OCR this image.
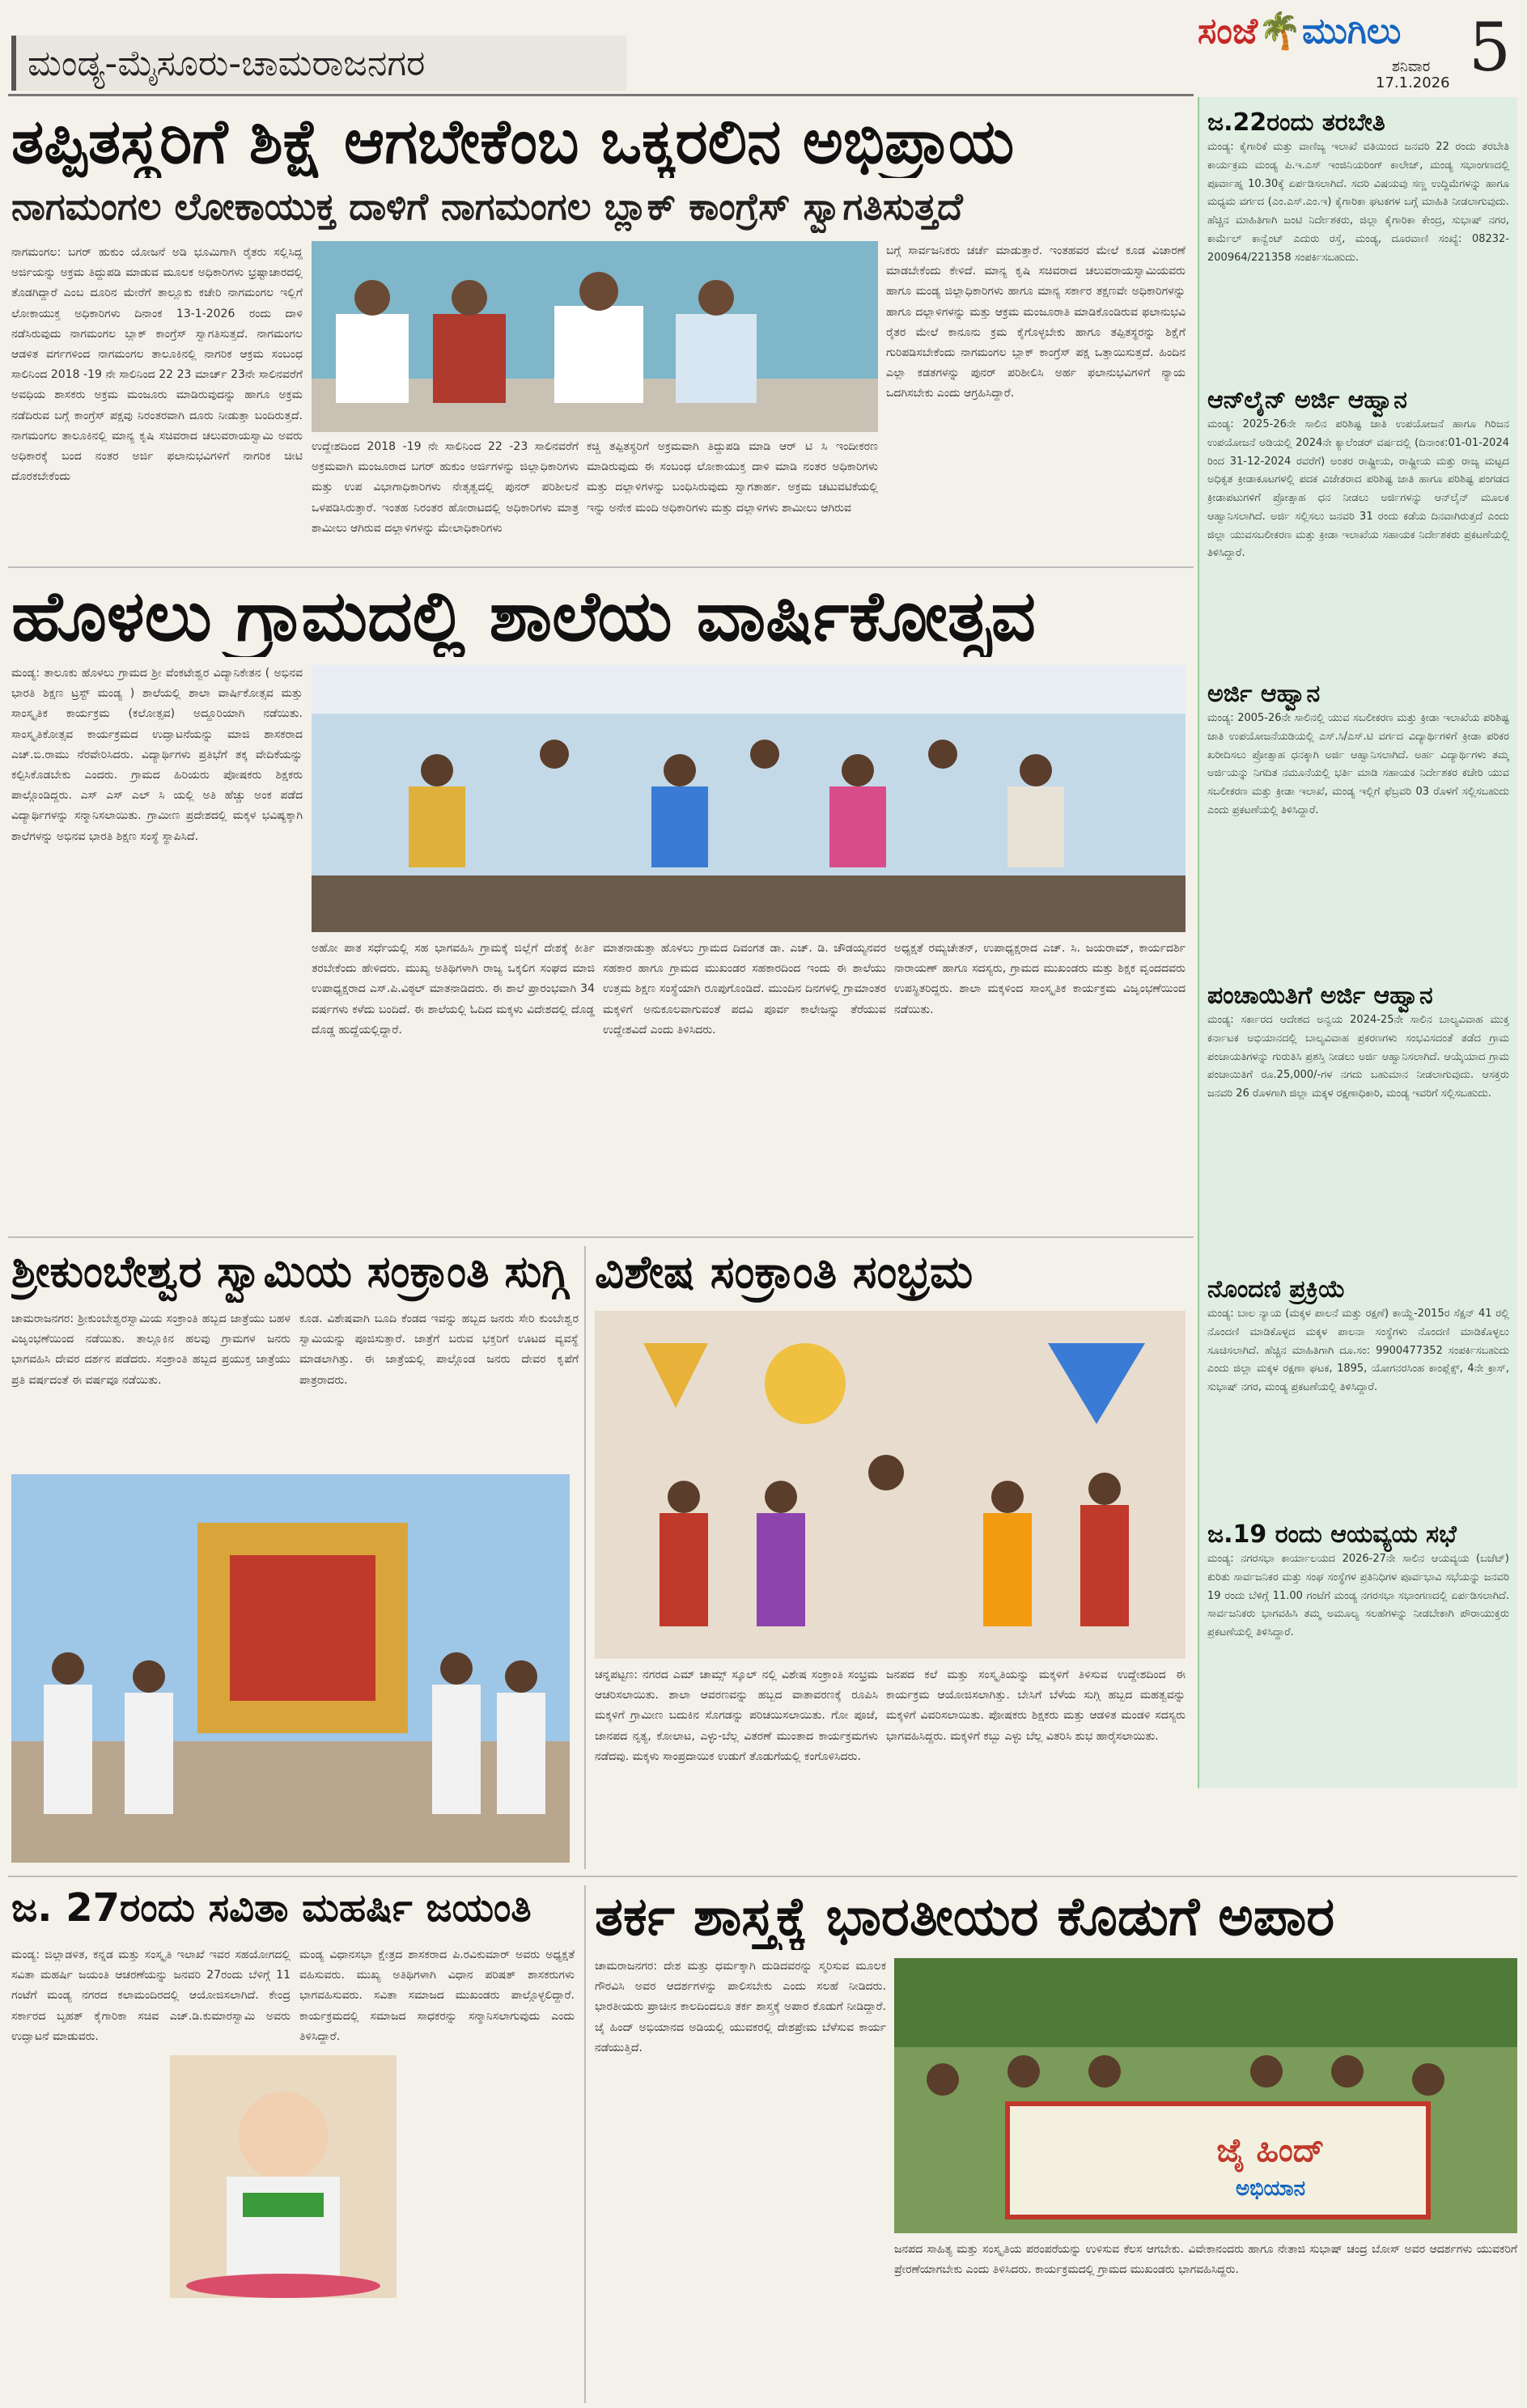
ಮಂಡ್ಯ-ಮೈಸೂರು-ಚಾಮರಾಜನಗರ
ಸಂಜೆ🌴ಮುಗಿಲು
ಶನಿವಾರ
17.1.2026 5
ತಪ್ಪಿತಸ್ಥರಿಗೆ ಶಿಕ್ಷೆ ಆಗಬೇಕೆಂಬ ಒಕ್ಕರಲಿನ ಅಭಿಪ್ರಾಯ
ನಾಗಮಂಗಲ ಲೋಕಾಯುಕ್ತ ದಾಳಿಗೆ ನಾಗಮಂಗಲ ಬ್ಲಾಕ್ ಕಾಂಗ್ರೆಸ್ ಸ್ವಾಗತಿಸುತ್ತದೆ
ನಾಗಮಂಗಲ: ಬಗರ್ ಹುಕುಂ ಯೋಜನೆ ಅಡಿ ಭೂಮಿಗಾಗಿ ರೈತರು ಸಲ್ಲಿಸಿದ್ದ ಅರ್ಜಿಯನ್ನು ಅಕ್ರಮ ತಿದ್ದುಪಡಿ ಮಾಡುವ ಮೂಲಕ ಅಧಿಕಾರಿಗಳು ಭ್ರಷ್ಟಾಚಾರದಲ್ಲಿ ತೊಡಗಿದ್ದಾರೆ ಎಂಬ ದೂರಿನ ಮೇರೆಗೆ ತಾಲ್ಲೂಕು ಕಚೇರಿ ನಾಗಮಂಗಲ ಇಲ್ಲಿಗೆ ಲೋಕಾಯುಕ್ತ ಅಧಿಕಾರಿಗಳು ದಿನಾಂಕ 13-1-2026 ರಂದು ದಾಳಿ ನಡೆಸಿರುವುದು ನಾಗಮಂಗಲ ಬ್ಲಾಕ್ ಕಾಂಗ್ರೆಸ್ ಸ್ವಾಗತಿಸುತ್ತದೆ. ನಾಗಮಂಗಲ ಆಡಳಿತ ವರ್ಗಗಳಿಂದ ನಾಗಮಂಗಲ ತಾಲೂಕಿನಲ್ಲಿ ನಾಗರಿಕ ಆಕ್ರಮ ಸಂಬಂಧ ಸಾಲಿನಿಂದ 2018 -19 ನೇ ಸಾಲಿನಿಂದ 22 23 ಮಾರ್ಚ್ 23ನೇ ಸಾಲಿನವರೆಗೆ ಅವಧಿಯ ಶಾಸಕರು ಅಕ್ರಮ ಮಂಜೂರು ಮಾಡಿರುವುದನ್ನು ಹಾಗೂ ಅಕ್ರಮ ನಡೆದಿರುವ ಬಗ್ಗೆ ಕಾಂಗ್ರೆಸ್ ಪಕ್ಷವು ನಿರಂತರವಾಗಿ ದೂರು ನೀಡುತ್ತಾ ಬಂದಿರುತ್ತದೆ. ನಾಗಮಂಗಲ ತಾಲೂಕಿನಲ್ಲಿ ಮಾನ್ಯ ಕೃಷಿ ಸಚಿವರಾದ ಚಲುವರಾಯಸ್ವಾಮಿ ಅವರು ಅಧಿಕಾರಕ್ಕೆ ಬಂದ ನಂತರ ಅರ್ಜಿ ಫಲಾನುಭವಿಗಳಿಗೆ ನಾಗರಿಕ ಚೀಟಿ ದೊರಕಬೇಕೆಂದು
ಉದ್ದೇಶದಿಂದ 2018 -19 ನೇ ಸಾಲಿನಿಂದ 22 -23 ಸಾಲಿನವರೆಗೆ ಅಕ್ರಮವಾಗಿ ಮಂಜೂರಾದ ಬಗರ್ ಹುಕುಂ ಅರ್ಜಿಗಳನ್ನು ಜಿಲ್ಲಾಧಿಕಾರಿಗಳು ಮತ್ತು ಉಪ ವಿಭಾಗಾಧಿಕಾರಿಗಳು ನೇತೃತ್ವದಲ್ಲಿ ಪುನರ್ ಪರಿಶೀಲನೆ ಒಳಪಡಿಸಿರುತ್ತಾರೆ. ಇಂತಹ ನಿರಂತರ ಹೋರಾಟದಲ್ಲಿ ಅಧಿಕಾರಿಗಳು ಮಾತ್ರ ಶಾಮೀಲು ಆಗಿರುವ ದಲ್ಲಾಳಿಗಳನ್ನು ಮೇಲಾಧಿಕಾರಿಗಳು
ಕಚ್ಚಿ ತಪ್ಪಿತಸ್ಥರಿಗೆ ಅಕ್ರಮವಾಗಿ ತಿದ್ದುಪಡಿ ಮಾಡಿ ಆರ್ ಟಿ ಸಿ ಇಂದೀಕರಣ ಮಾಡಿರುವುದು ಈ ಸಂಬಂಧ ಲೋಕಾಯುಕ್ತ ದಾಳಿ ಮಾಡಿ ನಂತರ ಅಧಿಕಾರಿಗಳು ಮತ್ತು ದಲ್ಲಾಳಿಗಳನ್ನು ಬಂಧಿಸಿರುವುದು ಸ್ವಾಗತಾರ್ಹ. ಅಕ್ರಮ ಚಟುವಟಿಕೆಯಲ್ಲಿ ಇನ್ನು ಅನೇಕ ಮಂದಿ ಅಧಿಕಾರಿಗಳು ಮತ್ತು ದಲ್ಲಾಳಿಗಳು ಶಾಮೀಲು ಆಗಿರುವ
ಬಗ್ಗೆ ಸಾರ್ವಜನಿಕರು ಚರ್ಚೆ ಮಾಡುತ್ತಾರೆ. ಇಂತಹವರ ಮೇಲೆ ಕೂಡ ವಿಚಾರಣೆ ಮಾಡಬೇಕೆಂದು ಕೇಳಿದೆ. ಮಾನ್ಯ ಕೃಷಿ ಸಚಿವರಾದ ಚಲುವರಾಯಸ್ವಾಮಿಯವರು ಹಾಗೂ ಮಂಡ್ಯ ಜಿಲ್ಲಾಧಿಕಾರಿಗಳು ಹಾಗೂ ಮಾನ್ಯ ಸರ್ಕಾರ ತಕ್ಷಣವೇ ಅಧಿಕಾರಿಗಳನ್ನು ಹಾಗೂ ದಲ್ಲಾಳಿಗಳನ್ನು ಮತ್ತು ಆಕ್ರಮ ಮಂಜೂರಾತಿ ಮಾಡಿಕೊಂಡಿರುವ ಫಲಾನುಭವಿ ರೈತರ ಮೇಲೆ ಕಾನೂನು ಕ್ರಮ ಕೈಗೊಳ್ಳಬೇಕು ಹಾಗೂ ತಪ್ಪಿತಸ್ಥರನ್ನು ಶಿಕ್ಷೆಗೆ ಗುರಿಪಡಿಸಬೇಕೆಂದು ನಾಗಮಂಗಲ ಬ್ಲಾಕ್ ಕಾಂಗ್ರೆಸ್ ಪಕ್ಷ ಒತ್ತಾಯಿಸುತ್ತದೆ. ಹಿಂದಿನ ಎಲ್ಲಾ ಕಡತಗಳನ್ನು ಪುನರ್ ಪರಿಶೀಲಿಸಿ ಅರ್ಹ ಫಲಾನುಭವಿಗಳಿಗೆ ನ್ಯಾಯ ಒದಗಿಸಬೇಕು ಎಂದು ಆಗ್ರಹಿಸಿದ್ದಾರೆ.
ಹೊಳಲು ಗ್ರಾಮದಲ್ಲಿ ಶಾಲೆಯ ವಾರ್ಷಿಕೋತ್ಸವ
ಮಂಡ್ಯ: ತಾಲೂಕು ಹೊಳಲು ಗ್ರಾಮದ ಶ್ರೀ ವೆಂಕಟೇಶ್ವರ ವಿದ್ಯಾನಿಕೇತನ ( ಅಭಿನವ ಭಾರತಿ ಶಿಕ್ಷಣ ಟ್ರಸ್ಟ್ ಮಂಡ್ಯ ) ಶಾಲೆಯಲ್ಲಿ ಶಾಲಾ ವಾರ್ಷಿಕೋತ್ಸವ ಮತ್ತು ಸಾಂಸ್ಕೃತಿಕ ಕಾರ್ಯಕ್ರಮ (ಕಲೋತ್ಸವ) ಅದ್ದೂರಿಯಾಗಿ ನಡೆಯಿತು. ಸಾಂಸ್ಕೃತಿಕೋತ್ಸವ ಕಾರ್ಯಕ್ರಮದ ಉದ್ಘಾಟನೆಯನ್ನು ಮಾಜಿ ಶಾಸಕರಾದ ಎಚ್.ಬಿ.ರಾಮು ನೆರವೇರಿಸಿದರು. ವಿದ್ಯಾರ್ಥಿಗಳು ಪ್ರತಿಭೆಗೆ ತಕ್ಕ ವೇದಿಕೆಯನ್ನು ಕಲ್ಪಿಸಿಕೊಡಬೇಕು ಎಂದರು. ಗ್ರಾಮದ ಹಿರಿಯರು ಪೋಷಕರು ಶಿಕ್ಷಕರು ಪಾಲ್ಗೊಂಡಿದ್ದರು. ಎಸ್ ಎಸ್ ಎಲ್ ಸಿ ಯಲ್ಲಿ ಅತಿ ಹೆಚ್ಚು ಅಂಕ ಪಡೆದ ವಿದ್ಯಾರ್ಥಿಗಳನ್ನು ಸನ್ಮಾನಿಸಲಾಯಿತು. ಗ್ರಾಮೀಣ ಪ್ರದೇಶದಲ್ಲಿ ಮಕ್ಕಳ ಭವಿಷ್ಯಕ್ಕಾಗಿ ಶಾಲೆಗಳನ್ನು ಅಭಿನವ ಭಾರತಿ ಶಿಕ್ಷಣ ಸಂಸ್ಥೆ ಸ್ಥಾಪಿಸಿದೆ.
ಅಹೋ ಪಾತ ಸರ್ಧೆಯಲ್ಲಿ ಸಹ ಭಾಗವಹಿಸಿ ಗ್ರಾಮಕ್ಕೆ ಜಿಲ್ಲೆಗೆ ದೇಶಕ್ಕೆ ಕೀರ್ತಿ ತರಬೇಕೆಂದು ಹೇಳಿದರು. ಮುಖ್ಯ ಅತಿಥಿಗಳಾಗಿ ರಾಜ್ಯ ಒಕ್ಕಲಿಗ ಸಂಘದ ಮಾಜಿ ಉಪಾಧ್ಯಕ್ಷರಾದ ಎಸ್.ಪಿ.ವಿಠ್ಠಲ್ ಮಾತನಾಡಿದರು. ಈ ಶಾಲೆ ಪ್ರಾರಂಭವಾಗಿ 34 ವರ್ಷಗಳು ಕಳೆದು ಬಂದಿದೆ. ಈ ಶಾಲೆಯಲ್ಲಿ ಓದಿದ ಮಕ್ಕಳು ವಿದೇಶದಲ್ಲಿ ದೊಡ್ಡ ದೊಡ್ಡ ಹುದ್ದೆಯಲ್ಲಿದ್ದಾರೆ.
ಮಾತನಾಡುತ್ತಾ ಹೊಳಲು ಗ್ರಾಮದ ದಿವಂಗತ ಡಾ. ಎಚ್. ಡಿ. ಚೌಡಯ್ಯನವರ ಸಹಕಾರ ಹಾಗೂ ಗ್ರಾಮದ ಮುಖಂಡರ ಸಹಕಾರದಿಂದ ಇಂದು ಈ ಶಾಲೆಯು ಉತ್ತಮ ಶಿಕ್ಷಣ ಸಂಸ್ಥೆಯಾಗಿ ರೂಪುಗೊಂಡಿದೆ. ಮುಂದಿನ ದಿನಗಳಲ್ಲಿ ಗ್ರಾಮಾಂತರ ಮಕ್ಕಳಿಗೆ ಅನುಕೂಲವಾಗುವಂತೆ ಪದವಿ ಪೂರ್ವ ಕಾಲೇಜನ್ನು ತೆರೆಯುವ ಉದ್ದೇಶವಿದೆ ಎಂದು ತಿಳಿಸಿದರು.
ಅಧ್ಯಕ್ಷತೆ ರಮ್ಯಚೇತನ್, ಉಪಾಧ್ಯಕ್ಷರಾದ ಎಚ್. ಸಿ. ಜಯರಾಮ್, ಕಾರ್ಯದರ್ಶಿ ನಾರಾಯಣ್ ಹಾಗೂ ಸದಸ್ಯರು, ಗ್ರಾಮದ ಮುಖಂಡರು ಮತ್ತು ಶಿಕ್ಷಕ ವೃಂದದವರು ಉಪಸ್ಥಿತರಿದ್ದರು. ಶಾಲಾ ಮಕ್ಕಳಿಂದ ಸಾಂಸ್ಕೃತಿಕ ಕಾರ್ಯಕ್ರಮ ವಿಜೃಂಭಣೆಯಿಂದ ನಡೆಯಿತು.
ಶ್ರೀಕುಂಬೇಶ್ವರ ಸ್ವಾಮಿಯ ಸಂಕ್ರಾಂತಿ ಸುಗ್ಗಿ
ಚಾಮರಾಜನಗರ: ಶ್ರೀಕುಂಬೇಶ್ವರಸ್ವಾಮಿಯ ಸಂಕ್ರಾಂತಿ ಹಬ್ಬದ ಜಾತ್ರೆಯು ಬಹಳ ವಿಜೃಂಭಣೆಯಿಂದ ನಡೆಯಿತು. ತಾಲ್ಲೂಕಿನ ಹಲವು ಗ್ರಾಮಗಳ ಜನರು ಭಾಗವಹಿಸಿ ದೇವರ ದರ್ಶನ ಪಡೆದರು. ಸಂಕ್ರಾಂತಿ ಹಬ್ಬದ ಪ್ರಯುಕ್ತ ಜಾತ್ರೆಯು ಪ್ರತಿ ವರ್ಷದಂತೆ ಈ ವರ್ಷವೂ ನಡೆಯಿತು.
ಕೂಡ. ವಿಶೇಷವಾಗಿ ಬೂದಿ ಕೆಂಡದ ಇವನ್ನು ಹಬ್ಬದ ಜನರು ಸೇರಿ ಕುಂಬೇಶ್ವರ ಸ್ವಾಮಿಯನ್ನು ಪೂಜಿಸುತ್ತಾರೆ. ಜಾತ್ರೆಗೆ ಬರುವ ಭಕ್ತರಿಗೆ ಊಟದ ವ್ಯವಸ್ಥೆ ಮಾಡಲಾಗಿತ್ತು. ಈ ಜಾತ್ರೆಯಲ್ಲಿ ಪಾಲ್ಗೊಂಡ ಜನರು ದೇವರ ಕೃಪೆಗೆ ಪಾತ್ರರಾದರು.
ವಿಶೇಷ ಸಂಕ್ರಾಂತಿ ಸಂಭ್ರಮ
ಚನ್ನಪಟ್ಟಣ: ನಗರದ ಎಮ್ ಚಾಮ್ಸ್ ಸ್ಕೂಲ್ ನಲ್ಲಿ ವಿಶೇಷ ಸಂಕ್ರಾಂತಿ ಸಂಭ್ರಮ ಆಚರಿಸಲಾಯಿತು. ಶಾಲಾ ಆವರಣವನ್ನು ಹಬ್ಬದ ವಾತಾವರಣಕ್ಕೆ ರೂಪಿಸಿ ಮಕ್ಕಳಿಗೆ ಗ್ರಾಮೀಣ ಬದುಕಿನ ಸೊಗಡನ್ನು ಪರಿಚಯಿಸಲಾಯಿತು. ಗೋ ಪೂಜೆ, ಜಾನಪದ ನೃತ್ಯ, ಕೋಲಾಟ, ಎಳ್ಳು-ಬೆಲ್ಲ ವಿತರಣೆ ಮುಂತಾದ ಕಾರ್ಯಕ್ರಮಗಳು ನಡೆದವು. ಮಕ್ಕಳು ಸಾಂಪ್ರದಾಯಿಕ ಉಡುಗೆ ತೊಡುಗೆಯಲ್ಲಿ ಕಂಗೊಳಿಸಿದರು.
ಜನಪದ ಕಲೆ ಮತ್ತು ಸಂಸ್ಕೃತಿಯನ್ನು ಮಕ್ಕಳಿಗೆ ತಿಳಿಸುವ ಉದ್ದೇಶದಿಂದ ಈ ಕಾರ್ಯಕ್ರಮ ಆಯೋಜಿಸಲಾಗಿತ್ತು. ಬೇಸಿಗೆ ಬೆಳೆಯ ಸುಗ್ಗಿ ಹಬ್ಬದ ಮಹತ್ವವನ್ನು ಮಕ್ಕಳಿಗೆ ವಿವರಿಸಲಾಯಿತು. ಪೋಷಕರು ಶಿಕ್ಷಕರು ಮತ್ತು ಆಡಳಿತ ಮಂಡಳಿ ಸದಸ್ಯರು ಭಾಗವಹಿಸಿದ್ದರು. ಮಕ್ಕಳಿಗೆ ಕಬ್ಬು ಎಳ್ಳು ಬೆಲ್ಲ ವಿತರಿಸಿ ಶುಭ ಹಾರೈಸಲಾಯಿತು.
ಜ. 27ರಂದು ಸವಿತಾ ಮಹರ್ಷಿ ಜಯಂತಿ
ಮಂಡ್ಯ: ಜಿಲ್ಲಾಡಳಿತ, ಕನ್ನಡ ಮತ್ತು ಸಂಸ್ಕೃತಿ ಇಲಾಖೆ ಇವರ ಸಹಯೋಗದಲ್ಲಿ ಸವಿತಾ ಮಹರ್ಷಿ ಜಯಂತಿ ಆಚರಣೆಯನ್ನು ಜನವರಿ 27ರಂದು ಬೆಳಿಗ್ಗೆ 11 ಗಂಟೆಗೆ ಮಂಡ್ಯ ನಗರದ ಕಲಾಮಂದಿರದಲ್ಲಿ ಆಯೋಜಿಸಲಾಗಿದೆ. ಕೇಂದ್ರ ಸರ್ಕಾರದ ಬೃಹತ್ ಕೈಗಾರಿಕಾ ಸಚಿವ ಎಚ್.ಡಿ.ಕುಮಾರಸ್ವಾಮಿ ಅವರು ಉದ್ಘಾಟನೆ ಮಾಡುವರು.
ಮಂಡ್ಯ ವಿಧಾನಸಭಾ ಕ್ಷೇತ್ರದ ಶಾಸಕರಾದ ಪಿ.ರವಿಕುಮಾರ್ ಅವರು ಅಧ್ಯಕ್ಷತೆ ವಹಿಸುವರು. ಮುಖ್ಯ ಅತಿಥಿಗಳಾಗಿ ವಿಧಾನ ಪರಿಷತ್ ಶಾಸಕರುಗಳು ಭಾಗವಹಿಸುವರು. ಸವಿತಾ ಸಮಾಜದ ಮುಖಂಡರು ಪಾಲ್ಗೊಳ್ಳಲಿದ್ದಾರೆ. ಕಾರ್ಯಕ್ರಮದಲ್ಲಿ ಸಮಾಜದ ಸಾಧಕರನ್ನು ಸನ್ಮಾನಿಸಲಾಗುವುದು ಎಂದು ತಿಳಿಸಿದ್ದಾರೆ.
ತರ್ಕ ಶಾಸ್ತ್ರಕ್ಕೆ ಭಾರತೀಯರ ಕೊಡುಗೆ ಅಪಾರ
ಚಾಮರಾಜನಗರ: ದೇಶ ಮತ್ತು ಧರ್ಮಕ್ಕಾಗಿ ದುಡಿದವರನ್ನು ಸ್ಮರಿಸುವ ಮೂಲಕ ಗೌರವಿಸಿ ಅವರ ಆದರ್ಶಗಳನ್ನು ಪಾಲಿಸಬೇಕು ಎಂದು ಸಲಹೆ ನೀಡಿದರು. ಭಾರತೀಯರು ಪ್ರಾಚೀನ ಕಾಲದಿಂದಲೂ ತರ್ಕ ಶಾಸ್ತ್ರಕ್ಕೆ ಅಪಾರ ಕೊಡುಗೆ ನೀಡಿದ್ದಾರೆ. ಜೈ ಹಿಂದ್ ಅಭಿಯಾನದ ಅಡಿಯಲ್ಲಿ ಯುವಕರಲ್ಲಿ ದೇಶಪ್ರೇಮ ಬೆಳೆಸುವ ಕಾರ್ಯ ನಡೆಯುತ್ತಿದೆ.
ಜೈ ಹಿಂದ್
ಅಭಿಯಾನ
ಜನಪದ ಸಾಹಿತ್ಯ ಮತ್ತು ಸಂಸ್ಕೃತಿಯ ಪರಂಪರೆಯನ್ನು ಉಳಿಸುವ ಕೆಲಸ ಆಗಬೇಕು. ವಿವೇಕಾನಂದರು ಹಾಗೂ ನೇತಾಜಿ ಸುಭಾಷ್ ಚಂದ್ರ ಬೋಸ್ ಅವರ ಆದರ್ಶಗಳು ಯುವಕರಿಗೆ ಪ್ರೇರಣೆಯಾಗಬೇಕು ಎಂದು ತಿಳಿಸಿದರು. ಕಾರ್ಯಕ್ರಮದಲ್ಲಿ ಗ್ರಾಮದ ಮುಖಂಡರು ಭಾಗವಹಿಸಿದ್ದರು.
ಜ.22ರಂದು ತರಬೇತಿ
ಮಂಡ್ಯ: ಕೈಗಾರಿಕೆ ಮತ್ತು ವಾಣಿಜ್ಯ ಇಲಾಖೆ ವತಿಯಿಂದ ಜನವರಿ 22 ರಂದು ತರಬೇತಿ ಕಾರ್ಯಕ್ರಮ ಮಂಡ್ಯ ಪಿ.ಇ.ಎಸ್ ಇಂಜಿನಿಯರಿಂಗ್ ಕಾಲೇಜ್, ಮಂಡ್ಯ ಸಭಾಂಗಣದಲ್ಲಿ ಪೂರ್ವಾಹ್ನ 10.30ಕ್ಕೆ ಏರ್ಪಡಿಸಲಾಗಿದೆ. ಸದರಿ ವಿಷಯವು ಸಣ್ಣ ಉದ್ದಿಮೆಗಳನ್ನು ಹಾಗೂ ಮಧ್ಯಮ ವರ್ಗದ (ಎಂ.ಎಸ್.ಎಂ.ಇ) ಕೈಗಾರಿಕಾ ಘಟಕಗಳ ಬಗ್ಗೆ ಮಾಹಿತಿ ನೀಡಲಾಗುವುದು. ಹೆಚ್ಚಿನ ಮಾಹಿತಿಗಾಗಿ ಜಂಟಿ ನಿರ್ದೇಶಕರು, ಜಿಲ್ಲಾ ಕೈಗಾರಿಕಾ ಕೇಂದ್ರ, ಸುಭಾಷ್ ನಗರ, ಕಾರ್ಮೆಲ್ ಕಾನ್ವೆಂಟ್ ಎದುರು ರಸ್ತೆ, ಮಂಡ್ಯ, ದೂರವಾಣಿ ಸಂಖ್ಯೆ: 08232-200964/221358 ಸಂಪರ್ಕಿಸಬಹುದು.
ಆನ್‍ಲೈನ್ ಅರ್ಜಿ ಆಹ್ವಾನ
ಮಂಡ್ಯ: 2025-26ನೇ ಸಾಲಿನ ಪರಿಶಿಷ್ಟ ಜಾತಿ ಉಪಯೋಜನೆ ಹಾಗೂ ಗಿರಿಜನ ಉಪಯೋಜನೆ ಅಡಿಯಲ್ಲಿ 2024ನೇ ಕ್ಯಾಲೆಂಡರ್ ವರ್ಷದಲ್ಲಿ (ದಿನಾಂಕ:01-01-2024 ರಿಂದ 31-12-2024 ರವರೆಗೆ) ಅಂತರ ರಾಷ್ಟ್ರೀಯ, ರಾಷ್ಟ್ರೀಯ ಮತ್ತು ರಾಜ್ಯ ಮಟ್ಟದ ಅಧಿಕೃತ ಕ್ರೀಡಾಕೂಟಗಳಲ್ಲಿ ಪದಕ ವಿಜೇತರಾದ ಪರಿಶಿಷ್ಟ ಜಾತಿ ಹಾಗೂ ಪರಿಶಿಷ್ಟ ಪಂಗಡದ ಕ್ರೀಡಾಪಟುಗಳಿಗೆ ಪ್ರೋತ್ಸಾಹ ಧನ ನೀಡಲು ಅರ್ಜಿಗಳನ್ನು ಆನ್‍ಲೈನ್ ಮೂಲಕ ಆಹ್ವಾನಿಸಲಾಗಿದೆ. ಅರ್ಜಿ ಸಲ್ಲಿಸಲು ಜನವರಿ 31 ರಂದು ಕಡೆಯ ದಿನವಾಗಿರುತ್ತದೆ ಎಂದು ಜಿಲ್ಲಾ ಯುವಸಬಲೀಕರಣ ಮತ್ತು ಕ್ರೀಡಾ ಇಲಾಖೆಯ ಸಹಾಯಕ ನಿರ್ದೇಶಕರು ಪ್ರಕಟಣೆಯಲ್ಲಿ ತಿಳಿಸಿದ್ದಾರೆ.
ಅರ್ಜಿ ಆಹ್ವಾನ
ಮಂಡ್ಯ: 2005-26ನೇ ಸಾಲಿನಲ್ಲಿ ಯುವ ಸಬಲೀಕರಣ ಮತ್ತು ಕ್ರೀಡಾ ಇಲಾಖೆಯ ಪರಿಶಿಷ್ಟ ಜಾತಿ ಉಪಯೋಜನೆಯಡಿಯಲ್ಲಿ ಎಸ್.ಸಿ/ಎಸ್.ಟಿ ವರ್ಗದ ವಿದ್ಯಾರ್ಥಿಗಳಿಗೆ ಕ್ರೀಡಾ ಪರಿಕರ ಖರೀದಿಸಲು ಪ್ರೋತ್ಸಾಹ ಧನಕ್ಕಾಗಿ ಅರ್ಜಿ ಆಹ್ವಾನಿಸಲಾಗಿದೆ. ಅರ್ಹ ವಿದ್ಯಾರ್ಥಿಗಳು ತಮ್ಮ ಅರ್ಜಿಯನ್ನು ನಿಗದಿತ ನಮೂನೆಯಲ್ಲಿ ಭರ್ತಿ ಮಾಡಿ ಸಹಾಯಕ ನಿರ್ದೇಶಕರ ಕಚೇರಿ ಯುವ ಸಬಲೀಕರಣ ಮತ್ತು ಕ್ರೀಡಾ ಇಲಾಖೆ, ಮಂಡ್ಯ ಇಲ್ಲಿಗೆ ಫೆಬ್ರವರಿ 03 ರೊಳಗೆ ಸಲ್ಲಿಸಬಹುದು ಎಂದು ಪ್ರಕಟಣೆಯಲ್ಲಿ ತಿಳಿಸಿದ್ದಾರೆ.
ಪಂಚಾಯಿತಿಗೆ ಅರ್ಜಿ ಆಹ್ವಾನ
ಮಂಡ್ಯ: ಸರ್ಕಾರದ ಆದೇಶದ ಅನ್ವಯ 2024-25ನೇ ಸಾಲಿನ ಬಾಲ್ಯವಿವಾಹ ಮುಕ್ತ ಕರ್ನಾಟಕ ಅಭಿಯಾನದಲ್ಲಿ ಬಾಲ್ಯವಿವಾಹ ಪ್ರಕರಣಗಳು ಸಂಭವಿಸದಂತೆ ತಡೆದ ಗ್ರಾಮ ಪಂಚಾಯತಿಗಳನ್ನು ಗುರುತಿಸಿ ಪ್ರಶಸ್ತಿ ನೀಡಲು ಅರ್ಜಿ ಆಹ್ವಾನಿಸಲಾಗಿದೆ. ಆಯ್ಕೆಯಾದ ಗ್ರಾಮ ಪಂಚಾಯಿತಿಗೆ ರೂ.25,000/-ಗಳ ನಗದು ಬಹುಮಾನ ನೀಡಲಾಗುವುದು. ಆಸಕ್ತರು ಜನವರಿ 26 ರೊಳಗಾಗಿ ಜಿಲ್ಲಾ ಮಕ್ಕಳ ರಕ್ಷಣಾಧಿಕಾರಿ, ಮಂಡ್ಯ ಇವರಿಗೆ ಸಲ್ಲಿಸಬಹುದು.
ನೊಂದಣಿ ಪ್ರಕ್ರಿಯೆ
ಮಂಡ್ಯ: ಬಾಲ ನ್ಯಾಯ (ಮಕ್ಕಳ ಪಾಲನೆ ಮತ್ತು ರಕ್ಷಣೆ) ಕಾಯ್ದೆ-2015ರ ಸೆಕ್ಷನ್ 41 ರಲ್ಲಿ ನೊಂದಣಿ ಮಾಡಿಕೊಳ್ಳದ ಮಕ್ಕಳ ಪಾಲನಾ ಸಂಸ್ಥೆಗಳು ನೊಂದಣಿ ಮಾಡಿಕೊಳ್ಳಲು ಸೂಚಿಸಲಾಗಿದೆ. ಹೆಚ್ಚಿನ ಮಾಹಿತಿಗಾಗಿ ದೂ.ಸಂ: 9900477352 ಸಂಪರ್ಕಿಸಬಹುದು ಎಂದು ಜಿಲ್ಲಾ ಮಕ್ಕಳ ರಕ್ಷಣಾ ಘಟಕ, 1895, ಯೋಗನರಸಿಂಹ ಕಾಂಪ್ಲೆಕ್ಸ್, 4ನೇ ಕ್ರಾಸ್, ಸುಭಾಷ್ ನಗರ, ಮಂಡ್ಯ ಪ್ರಕಟಣೆಯಲ್ಲಿ ತಿಳಿಸಿದ್ದಾರೆ.
ಜ.19 ರಂದು ಆಯವ್ಯಯ ಸಭೆ
ಮಂಡ್ಯ: ನಗರಸಭಾ ಕಾರ್ಯಾಲಯದ 2026-27ನೇ ಸಾಲಿನ ಆಯವ್ಯಯ (ಬಜೆಟ್) ಕುರಿತು ಸಾರ್ವಜನಿಕರ ಮತ್ತು ಸಂಘ ಸಂಸ್ಥೆಗಳ ಪ್ರತಿನಿಧಿಗಳ ಪೂರ್ವಭಾವಿ ಸಭೆಯನ್ನು ಜನವರಿ 19 ರಂದು ಬೆಳಿಗ್ಗೆ 11.00 ಗಂಟೆಗೆ ಮಂಡ್ಯ ನಗರಸಭಾ ಸಭಾಂಗಣದಲ್ಲಿ ಏರ್ಪಡಿಸಲಾಗಿದೆ. ಸಾರ್ವಜನಿಕರು ಭಾಗವಹಿಸಿ ತಮ್ಮ ಅಮೂಲ್ಯ ಸಲಹೆಗಳನ್ನು ನೀಡಬೇಕಾಗಿ ಪೌರಾಯುಕ್ತರು ಪ್ರಕಟಣೆಯಲ್ಲಿ ತಿಳಿಸಿದ್ದಾರೆ.
